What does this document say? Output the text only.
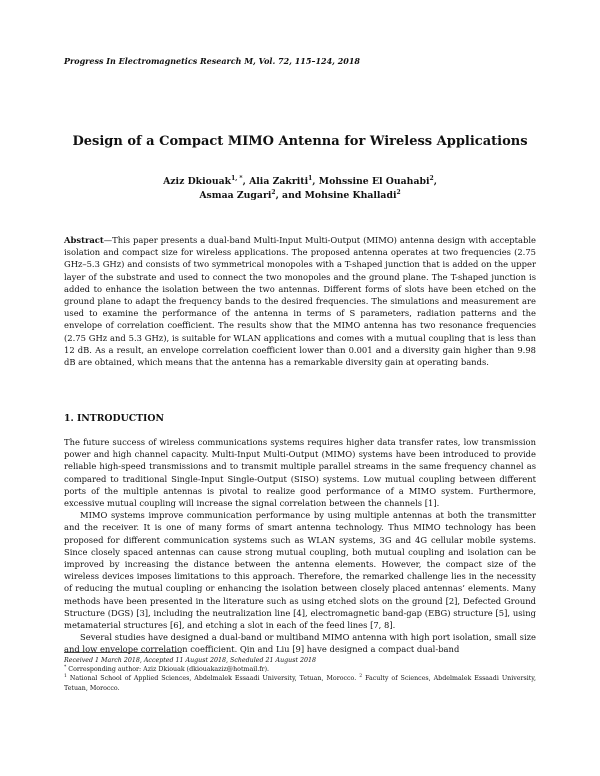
Progress In Electromagnetics Research M, Vol. 72, 115–124, 2018
Design of a Compact MIMO Antenna for Wireless Applications
Aziz Dkiouak$^{1, *}$, Alia Zakriti$^1$, Mohssine El Ouahabi$^2$,
Asmaa Zugari$^2$, and Mohsine Khalladi$^2$
Abstract—This paper presents a dual-band Multi-Input Multi-Output (MIMO) antenna design with acceptable isolation and compact size for wireless applications. The proposed antenna operates at two frequencies (2.75 GHz–5.3 GHz) and consists of two symmetrical monopoles with a T-shaped junction that is added on the upper layer of the substrate and used to connect the two monopoles and the ground plane. The T-shaped junction is added to enhance the isolation between the two antennas. Different forms of slots have been etched on the ground plane to adapt the frequency bands to the desired frequencies. The simulations and measurement are used to examine the performance of the antenna in terms of S parameters, radiation patterns and the envelope of correlation coefficient. The results show that the MIMO antenna has two resonance frequencies (2.75 GHz and 5.3 GHz), is suitable for WLAN applications and comes with a mutual coupling that is less than 12 dB. As a result, an envelope correlation coefficient lower than 0.001 and a diversity gain higher than 9.98 dB are obtained, which means that the antenna has a remarkable diversity gain at operating bands.
1. INTRODUCTION

The future success of wireless communications systems requires higher data transfer rates, low transmission power and high channel capacity. Multi-Input Multi-Output (MIMO) systems have been introduced to provide reliable high-speed transmissions and to transmit multiple parallel streams in the same frequency channel as compared to traditional Single-Input Single-Output (SISO) systems. Low mutual coupling between different ports of the multiple antennas is pivotal to realize good performance of a MIMO system. Furthermore, excessive mutual coupling will increase the signal correlation between the channels [1].

MIMO systems improve communication performance by using multiple antennas at both the transmitter and the receiver. It is one of many forms of smart antenna technology. Thus MIMO technology has been proposed for different communication systems such as WLAN systems, 3G and 4G cellular mobile systems. Since closely spaced antennas can cause strong mutual coupling, both mutual coupling and isolation can be improved by increasing the distance between the antenna elements. However, the compact size of the wireless devices imposes limitations to this approach. Therefore, the remarked challenge lies in the necessity of reducing the mutual coupling or enhancing the isolation between closely placed antennas’ elements. Many methods have been presented in the literature such as using etched slots on the ground [2], Defected Ground Structure (DGS) [3], including the neutralization line [4], electromagnetic band-gap (EBG) structure [5], using metamaterial structures [6], and etching a slot in each of the feed lines [7, 8].

Several studies have designed a dual-band or multiband MIMO antenna with high port isolation, small size and low envelope correlation coefficient. Qin and Liu [9] have designed a compact dual-band

Received 1 March 2018, Accepted 11 August 2018, Scheduled 21 August 2018
* Corresponding author: Aziz Dkiouak (dkiouakaziz@hotmail.fr).
$^1$ National School of Applied Sciences, Abdelmalek Essaadi University, Tetuan, Morocco. $^2$ Faculty of Sciences, Abdelmalek Essaadi University, Tetuan, Morocco.
